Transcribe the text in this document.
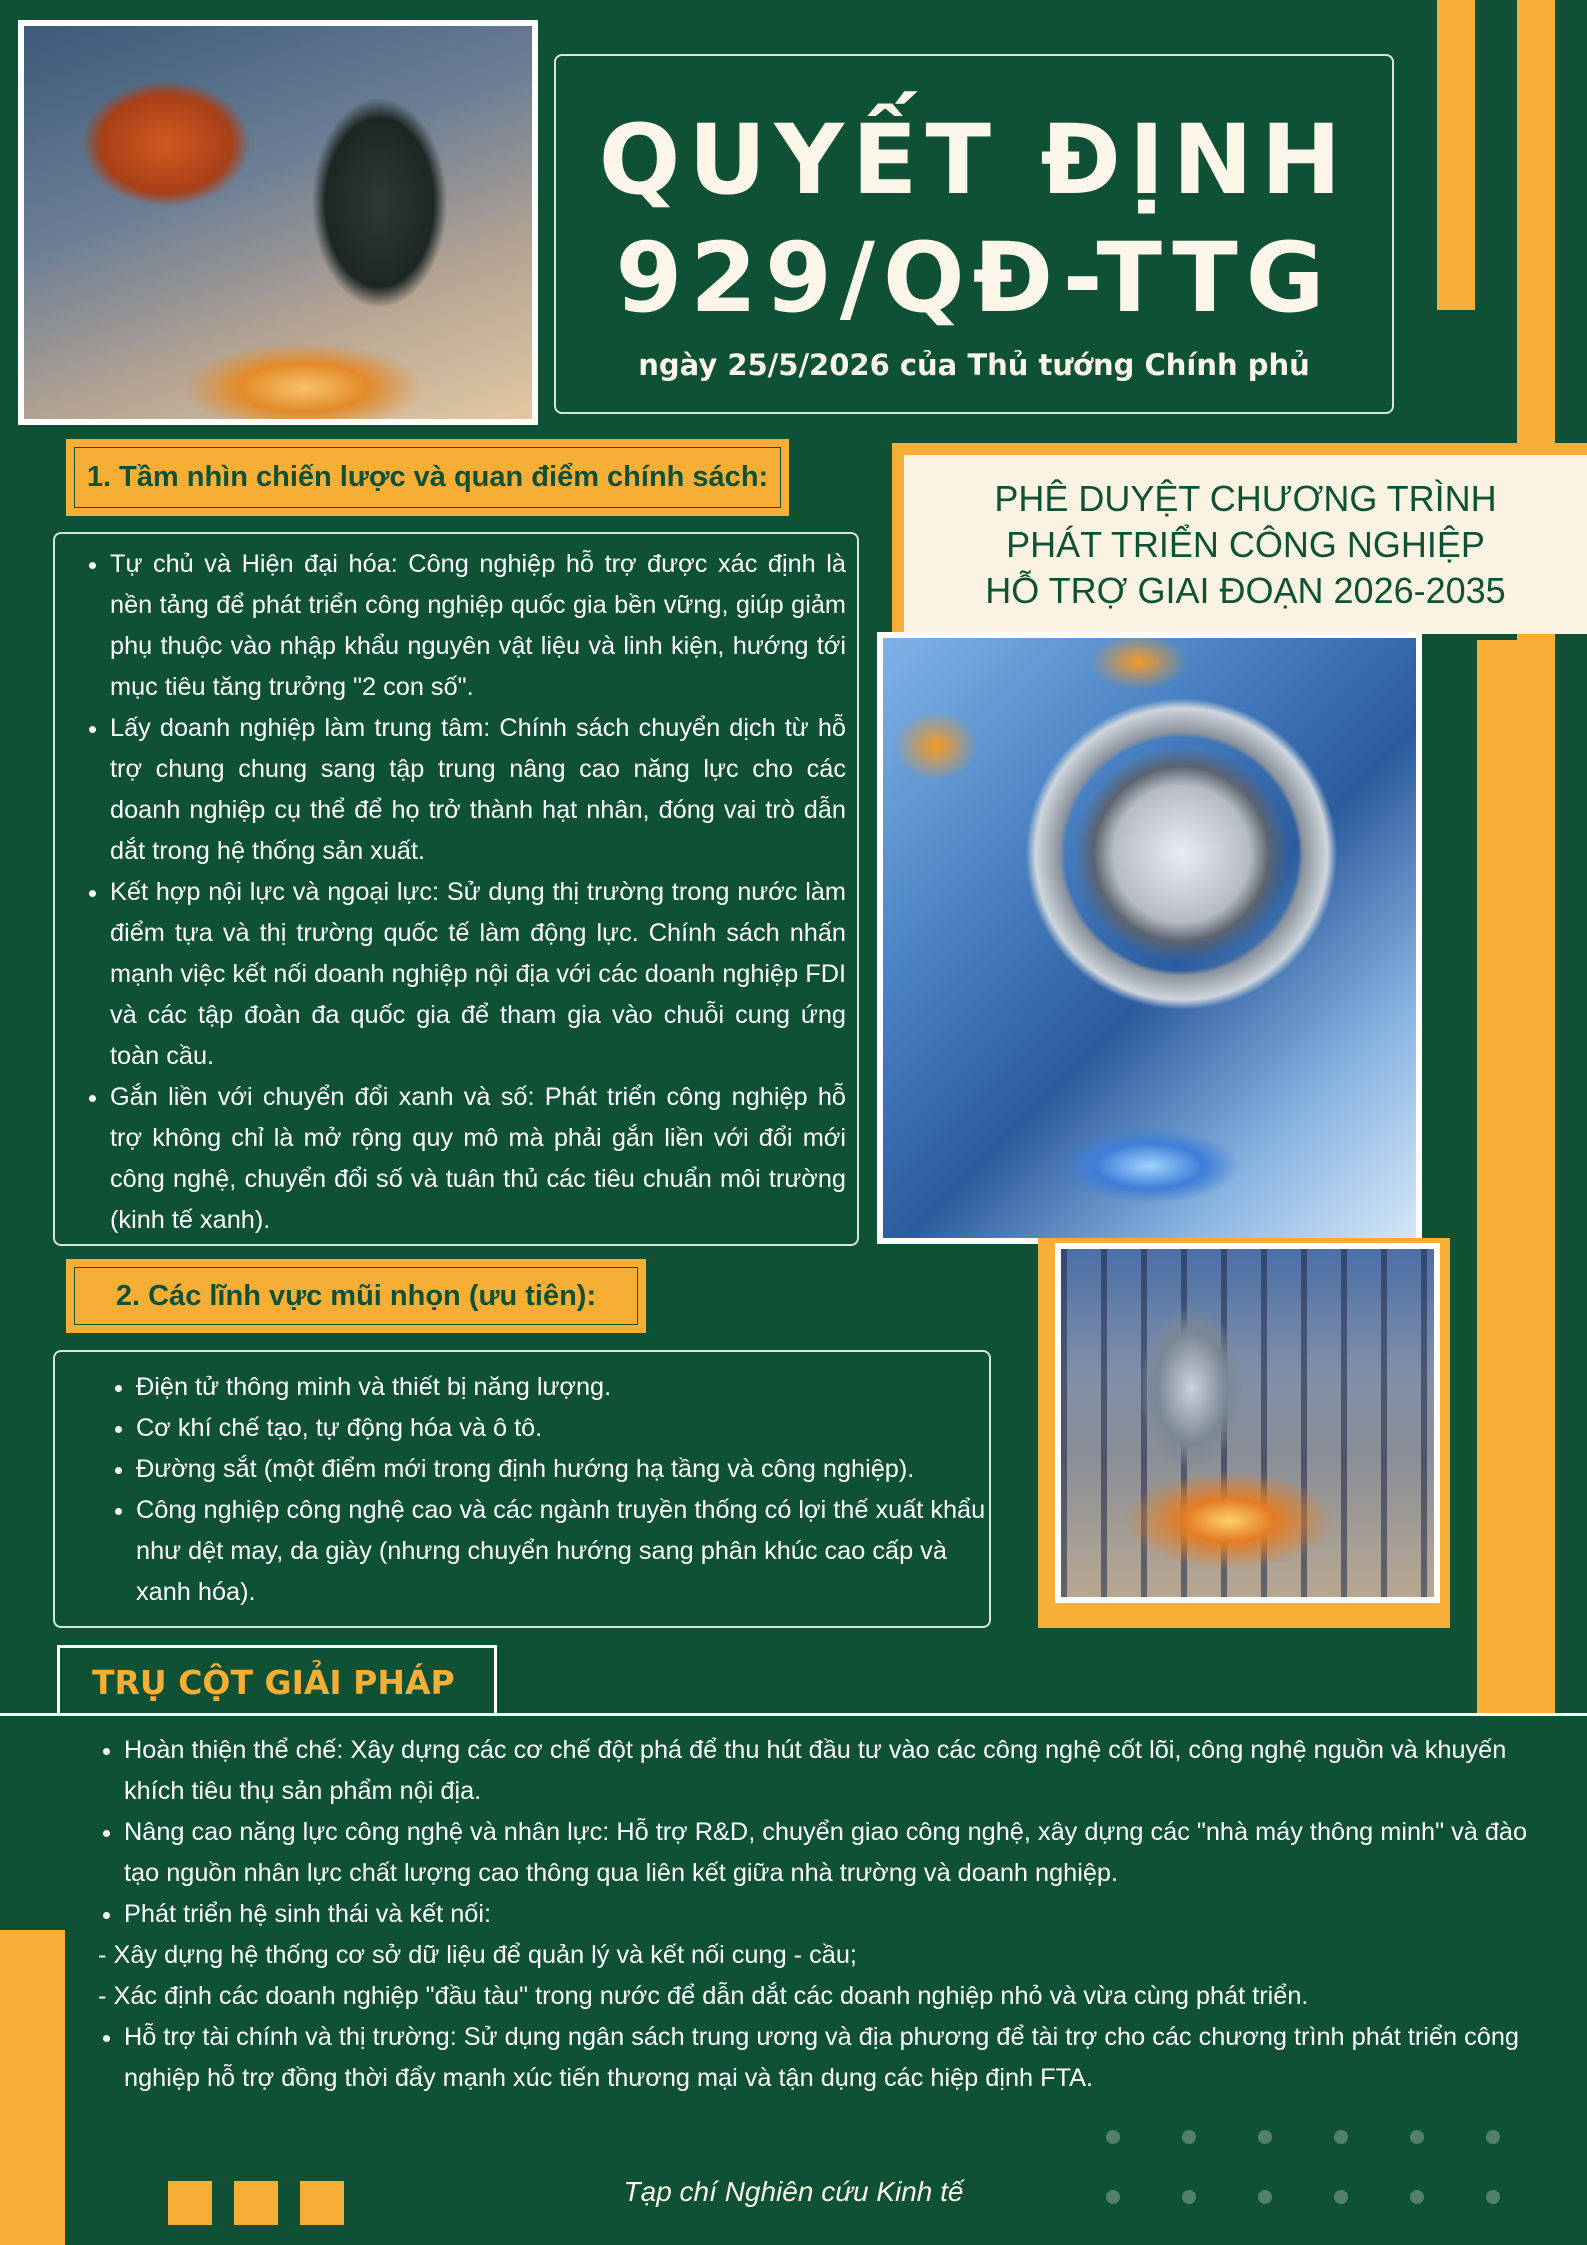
QUYẾT ĐỊNH
929/QĐ-TTG
ngày 25/5/2026 của Thủ tướng Chính phủ
1. Tầm nhìn chiến lược và quan điểm chính sách:
• Tự chủ và Hiện đại hóa: Công nghiệp hỗ trợ được xác định là nền tảng để phát triển công nghiệp quốc gia bền vững, giúp giảm phụ thuộc vào nhập khẩu nguyên vật liệu và linh kiện, hướng tới mục tiêu tăng trưởng "2 con số".
• Lấy doanh nghiệp làm trung tâm: Chính sách chuyển dịch từ hỗ trợ chung chung sang tập trung nâng cao năng lực cho các doanh nghiệp cụ thể để họ trở thành hạt nhân, đóng vai trò dẫn dắt trong hệ thống sản xuất.
• Kết hợp nội lực và ngoại lực: Sử dụng thị trường trong nước làm điểm tựa và thị trường quốc tế làm động lực. Chính sách nhấn mạnh việc kết nối doanh nghiệp nội địa với các doanh nghiệp FDI và các tập đoàn đa quốc gia để tham gia vào chuỗi cung ứng toàn cầu.
• Gắn liền với chuyển đổi xanh và số: Phát triển công nghiệp hỗ trợ không chỉ là mở rộng quy mô mà phải gắn liền với đổi mới công nghệ, chuyển đổi số và tuân thủ các tiêu chuẩn môi trường (kinh tế xanh).
PHÊ DUYỆT CHƯƠNG TRÌNH
PHÁT TRIỂN CÔNG NGHIỆP
HỖ TRỢ GIAI ĐOẠN 2026-2035
2. Các lĩnh vực mũi nhọn (ưu tiên):
• Điện tử thông minh và thiết bị năng lượng.
• Cơ khí chế tạo, tự động hóa và ô tô.
• Đường sắt (một điểm mới trong định hướng hạ tầng và công nghiệp).
• Công nghiệp công nghệ cao và các ngành truyền thống có lợi thế xuất khẩu như dệt may, da giày (nhưng chuyển hướng sang phân khúc cao cấp và xanh hóa).
TRỤ CỘT GIẢI PHÁP
• Hoàn thiện thể chế: Xây dựng các cơ chế đột phá để thu hút đầu tư vào các công nghệ cốt lõi, công nghệ nguồn và khuyến khích tiêu thụ sản phẩm nội địa.
• Nâng cao năng lực công nghệ và nhân lực: Hỗ trợ R&D, chuyển giao công nghệ, xây dựng các "nhà máy thông minh" và đào tạo nguồn nhân lực chất lượng cao thông qua liên kết giữa nhà trường và doanh nghiệp.
• Phát triển hệ sinh thái và kết nối:
- Xây dựng hệ thống cơ sở dữ liệu để quản lý và kết nối cung - cầu;
- Xác định các doanh nghiệp "đầu tàu" trong nước để dẫn dắt các doanh nghiệp nhỏ và vừa cùng phát triển.
• Hỗ trợ tài chính và thị trường: Sử dụng ngân sách trung ương và địa phương để tài trợ cho các chương trình phát triển công nghiệp hỗ trợ đồng thời đẩy mạnh xúc tiến thương mại và tận dụng các hiệp định FTA.
Tạp chí Nghiên cứu Kinh tế
